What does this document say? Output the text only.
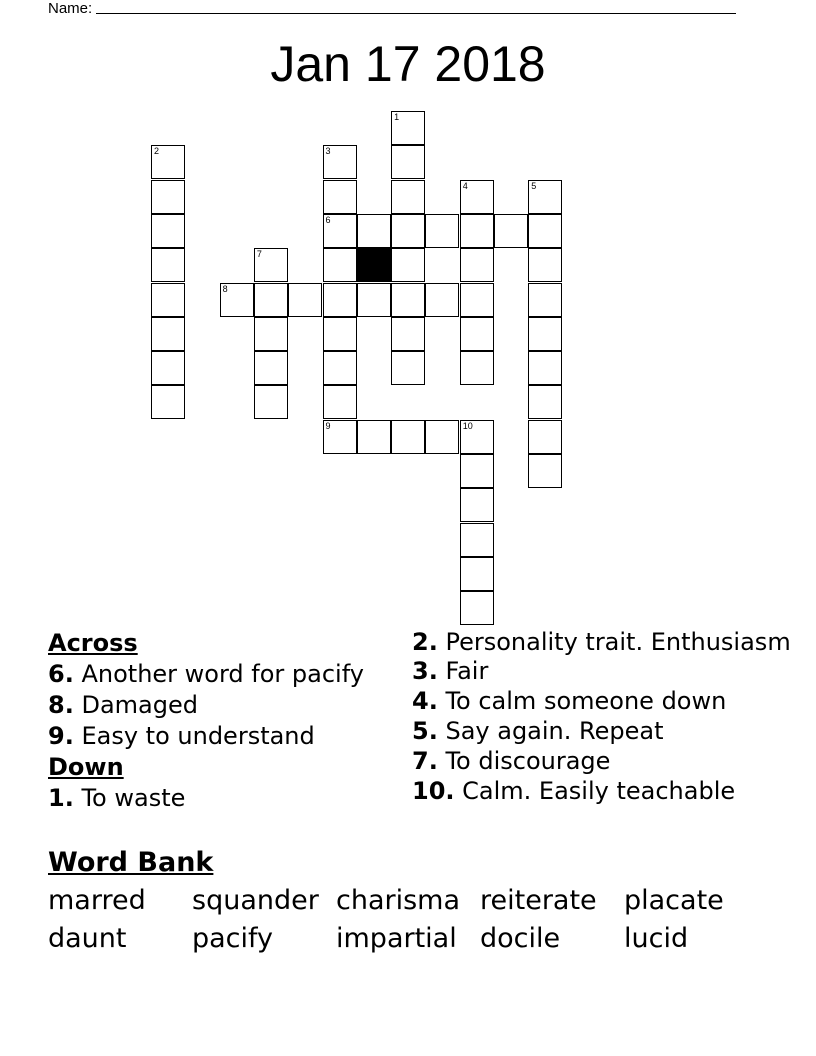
Name:
Jan 17 2018
1
2	3
6
4	5
7
8
9	10
Across
6. Another word for pacify
8. Damaged
9. Easy to understand
Down
1. To waste
2. Personality trait. Enthusiasm
3. Fair
4. To calm someone down
5. Say again. Repeat
7. To discourage
10. Calm. Easily teachable
Word Bank
marred squander charisma reiterate placate
daunt pacify impartial docile lucid
